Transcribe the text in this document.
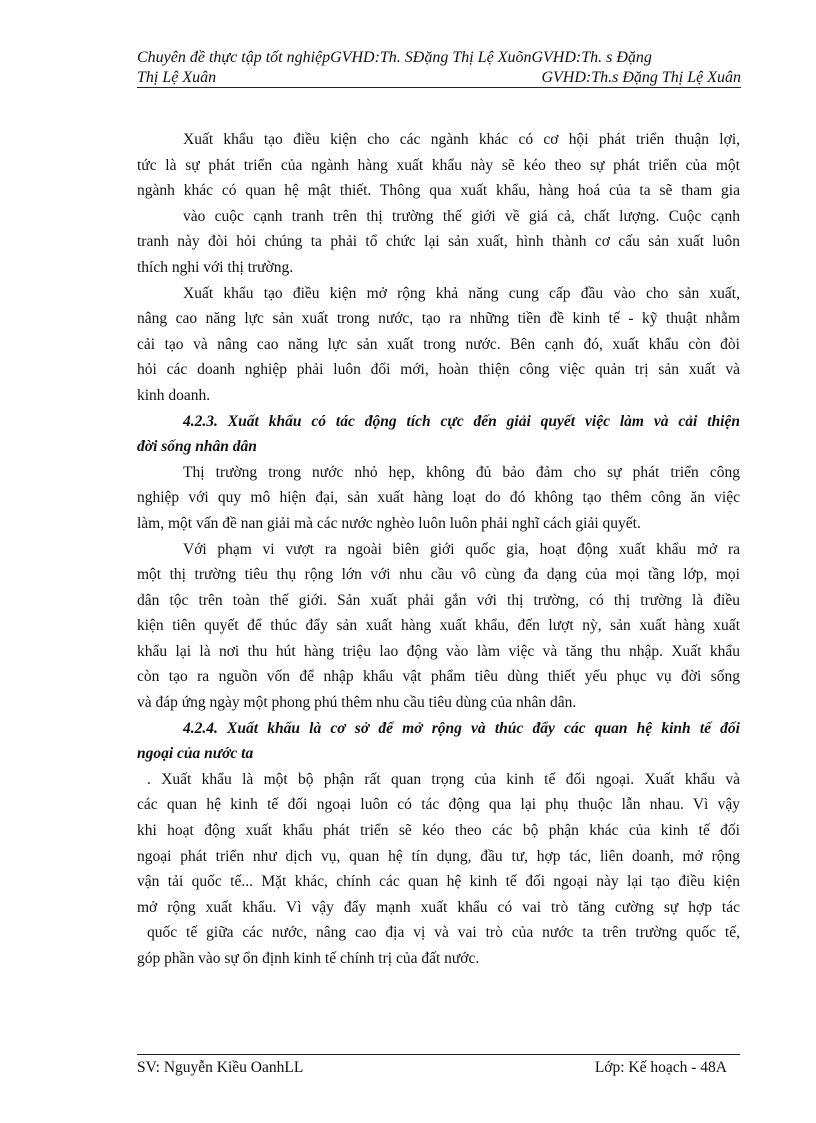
Chuyên đề thực tập tốt nghiệpGVHD:Th. SĐặng Thị Lệ XuõnGVHD:Th. s Đặng
Thị Lệ Xuân	GVHD:Th.s Đặng Thị Lệ Xuân
Xuất khẩu tạo điều kiện cho các ngành khác có cơ hội phát triển thuận lợi,
tức là sự phát triển của ngành hàng xuất khẩu này sẽ kéo theo sự phát triển của một
ngành khác có quan hệ mật thiết. Thông qua xuất khẩu, hàng hoá của ta sẽ tham gia
vào cuộc cạnh tranh trên thị trường thế giới về giá cả, chất lượng. Cuộc cạnh
tranh này đòi hỏi chúng ta phải tổ chức lại sản xuất, hình thành cơ cấu sản xuất luôn
thích nghi với thị trường.
Xuất khẩu tạo điều kiện mở rộng khả năng cung cấp đầu vào cho sản xuất,
nâng cao năng lực sản xuất trong nước, tạo ra những tiền đề kinh tế - kỹ thuật nhằm
cải tạo và nâng cao năng lực sản xuất trong nước. Bên cạnh đó, xuất khẩu còn đòi
hỏi các doanh nghiệp phải luôn đổi mới, hoàn thiện công việc quản trị sản xuất và
kinh doanh.
4.2.3. Xuất khẩu có tác động tích cực đến giải quyết việc làm và cải thiện
đời sống nhân dân
Thị trường trong nước nhỏ hẹp, không đủ bảo đảm cho sự phát triển công
nghiệp với quy mô hiện đại, sản xuất hàng loạt do đó không tạo thêm công ăn việc
làm, một vấn đề nan giải mà các nước nghèo luôn luôn phải nghĩ cách giải quyết.
Với phạm vi vượt ra ngoài biên giới quốc gia, hoạt động xuất khẩu mở ra
một thị trường tiêu thụ rộng lớn với nhu cầu vô cùng đa dạng của mọi tầng lớp, mọi
dân tộc trên toàn thế giới. Sản xuất phải gắn với thị trường, có thị trường là điều
kiện tiên quyết để thúc đẩy sản xuất hàng xuất khẩu, đến lượt nỳ, sản xuất hàng xuất
khẩu lại là nơi thu hút hàng triệu lao động vào làm việc và tăng thu nhập. Xuất khẩu
còn tạo ra nguồn vốn để nhập khẩu vật phẩm tiêu dùng thiết yếu phục vụ đời sống
và đáp ứng ngày một phong phú thêm nhu cầu tiêu dùng của nhân dân.
4.2.4. Xuất khẩu là cơ sở để mở rộng và thúc đẩy các quan hệ kinh tế đối
ngoại của nước ta
. Xuất khẩu là một bộ phận rất quan trọng của kinh tế đối ngoại. Xuất khẩu và
các quan hệ kinh tế đối ngoại luôn có tác động qua lại phụ thuộc lẫn nhau. Vì vậy
khi hoạt động xuất khẩu phát triển sẽ kéo theo các bộ phận khác của kinh tế đối
ngoại phát triển như dịch vụ, quan hệ tín dụng, đầu tư, hợp tác, liên doanh, mở rộng
vận tải quốc tế... Mặt khác, chính các quan hệ kinh tế đối ngoại này lại tạo điều kiện
mở rộng xuất khẩu. Vì vậy đẩy mạnh xuất khẩu có vai trò tăng cường sự hợp tác
quốc tế giữa các nước, nâng cao địa vị và vai trò của nước ta trên trường quốc tế,
góp phần vào sự ổn định kinh tế chính trị của đất nước.
SV: Nguyễn Kiều OanhLL	Lớp: Kế hoạch - 48A
